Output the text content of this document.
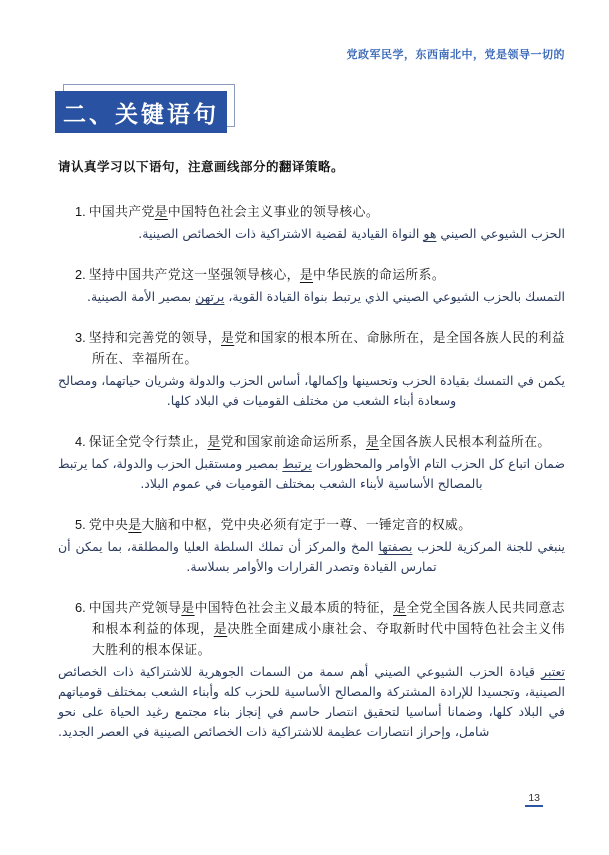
党政军民学，东西南北中，党是领导一切的
二、关键语句

请认真学习以下语句，注意画线部分的翻译策略。

1. 中国共产党是中国特色社会主义事业的领导核心。

الحزب الشيوعي الصيني هو النواة القيادية لقضية الاشتراكية ذات الخصائص الصينية.

2. 坚持中国共产党这一坚强领导核心，是中华民族的命运所系。

التمسك بالحزب الشيوعي الصيني الذي يرتبط بنواة القيادة القوية، يرتهن بمصير الأمة الصينية.

3. 坚持和完善党的领导，是党和国家的根本所在、命脉所在，是全国各族人民的利益所在、幸福所在。

يكمن في التمسك بقيادة الحزب وتحسينها وإكمالها، أساس الحزب والدولة وشريان حياتهما، ومصالح وسعادة أبناء الشعب من مختلف القوميات في البلاد كلها.

4. 保证全党令行禁止，是党和国家前途命运所系，是全国各族人民根本利益所在。

ضمان اتباع كل الحزب التام الأوامر والمحظورات يرتبط بمصير ومستقبل الحزب والدولة، كما يرتبط بالمصالح الأساسية لأبناء الشعب بمختلف القوميات في عموم البلاد.

5. 党中央是大脑和中枢，党中央必须有定于一尊、一锤定音的权威。

ينبغي للجنة المركزية للحزب بصفتها المخ والمركز أن تملك السلطة العليا والمطلقة، بما يمكن أن تمارس القيادة وتصدر القرارات والأوامر بسلاسة.

6. 中国共产党领导是中国特色社会主义最本质的特征，是全党全国各族人民共同意志和根本利益的体现，是决胜全面建成小康社会、夺取新时代中国特色社会主义伟大胜利的根本保证。

تعتبر قيادة الحزب الشيوعي الصيني أهم سمة من السمات الجوهرية للاشتراكية ذات الخصائص الصينية، وتجسيدا للإرادة المشتركة والمصالح الأساسية للحزب كله وأبناء الشعب بمختلف قومياتهم في البلاد كلها، وضمانا أساسيا لتحقيق انتصار حاسم في إنجاز بناء مجتمع رغيد الحياة على نحو شامل، وإحراز انتصارات عظيمة للاشتراكية ذات الخصائص الصينية في العصر الجديد.

13
